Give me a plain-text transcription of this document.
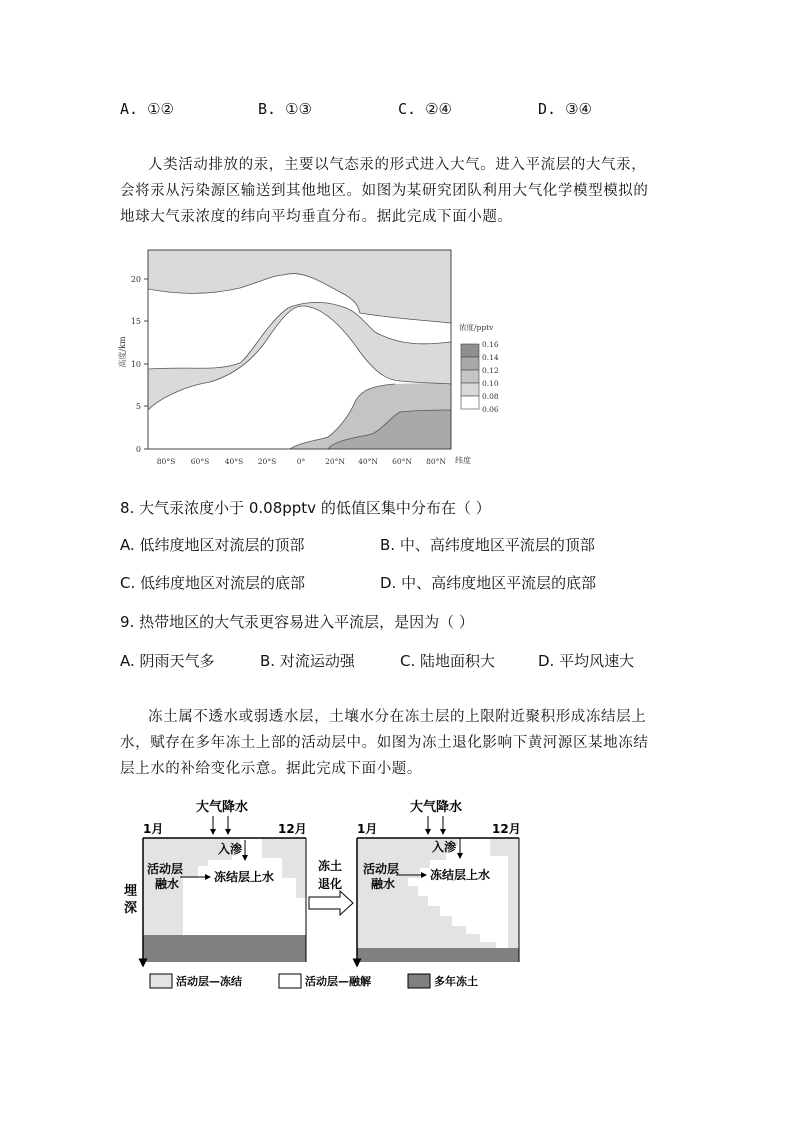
A. ①②	B. ①③	C. ②④	D. ③④
人类活动排放的汞，主要以气态汞的形式进入大气。进入平流层的大气汞，
会将汞从污染源区输送到其他地区。如图为某研究团队利用大气化学模型模拟的
地球大气汞浓度的纬向平均垂直分布。据此完成下面小题。
0
5
10
15
20
高度/km
80°S 60°S 40°S 20°S	0°	20°N 40°N 60°N 80°N 纬度
浓度/pptv
0.16
0.14
0.12
0.10
0.08
0.06
8. 大气汞浓度小于 0.08pptv 的低值区集中分布在（ ）
A. 低纬度地区对流层的顶部	B. 中、高纬度地区平流层的顶部
C. 低纬度地区对流层的底部	D. 中、高纬度地区平流层的底部
9. 热带地区的大气汞更容易进入平流层，是因为（ ）
A. 阴雨天气多	B. 对流运动强	C. 陆地面积大	D. 平均风速大
冻土属不透水或弱透水层，土壤水分在冻土层的上限附近聚积形成冻结层上
水，赋存在多年冻土上部的活动层中。如图为冻土退化影响下黄河源区某地冻结
层上水的补给变化示意。据此完成下面小题。
1月	12月
大气降水
入渗
活动层
融水	冻结层上水
埋
深
冻土
退化
1月	12月
大气降水
入渗
活动层
融水
冻结层上水
活动层—冻结	活动层—融解	多年冻土
